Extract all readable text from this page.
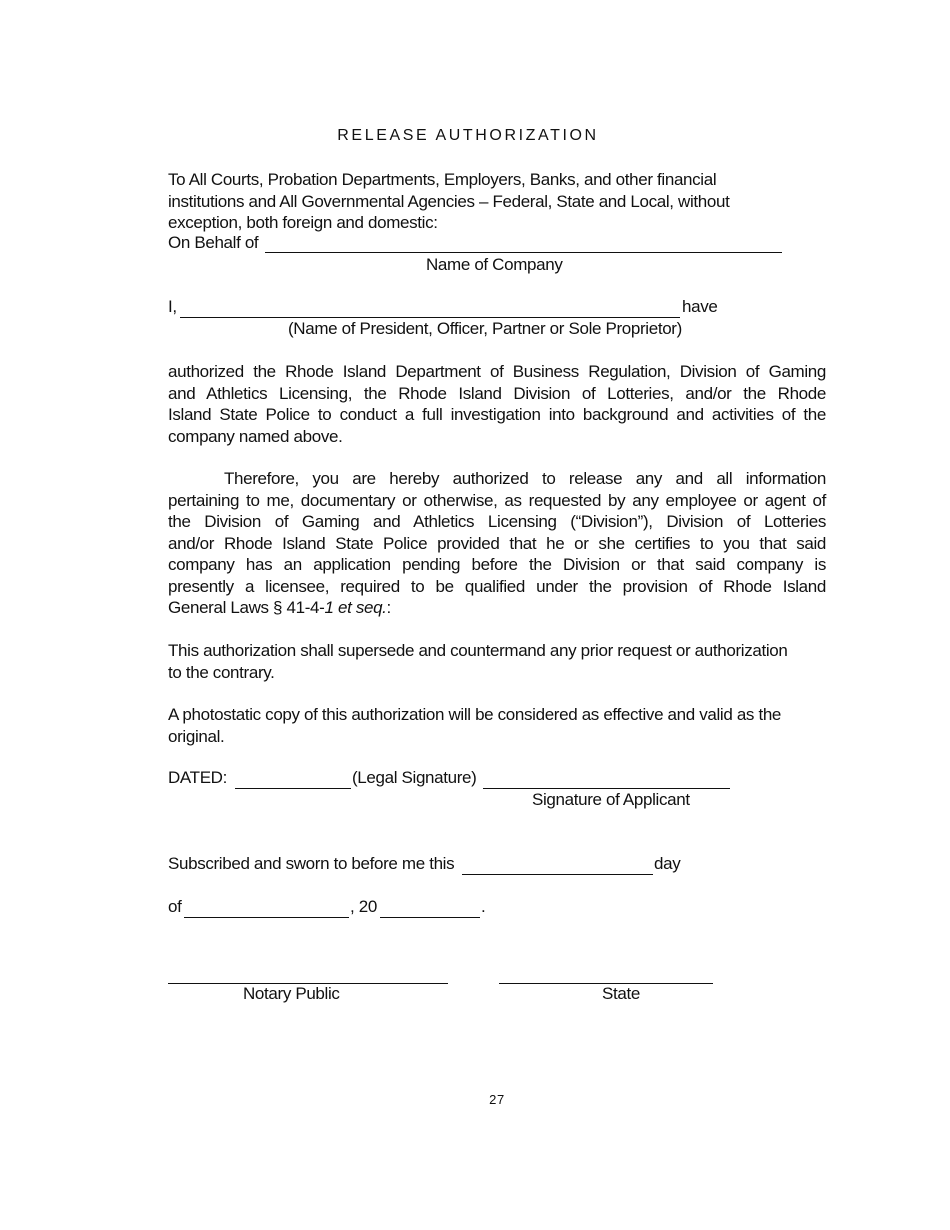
RELEASE AUTHORIZATION
To All Courts, Probation Departments, Employers, Banks, and other financial
institutions and All Governmental Agencies – Federal, State and Local, without
exception, both foreign and domestic:
On Behalf of
Name of Company
I,	have
(Name of President, Officer, Partner or Sole Proprietor)
authorized the Rhode Island Department of Business Regulation, Division of Gaming
and Athletics Licensing, the Rhode Island Division of Lotteries, and/or the Rhode
Island State Police to conduct a full investigation into background and activities of the
company named above.
Therefore, you are hereby authorized to release any and all information
pertaining to me, documentary or otherwise, as requested by any employee or agent of
the Division of Gaming and Athletics Licensing (“Division”), Division of Lotteries
and/or Rhode Island State Police provided that he or she certifies to you that said
company has an application pending before the Division or that said company is
presently a licensee, required to be qualified under the provision of Rhode Island
General Laws § 41-4-1 et seq.:
This authorization shall supersede and countermand any prior request or authorization
to the contrary.
A photostatic copy of this authorization will be considered as effective and valid as the
original.
DATED:	(Legal Signature)
Signature of Applicant
Subscribed and sworn to before me this	day
of	, 20	.
Notary Public	State
27
